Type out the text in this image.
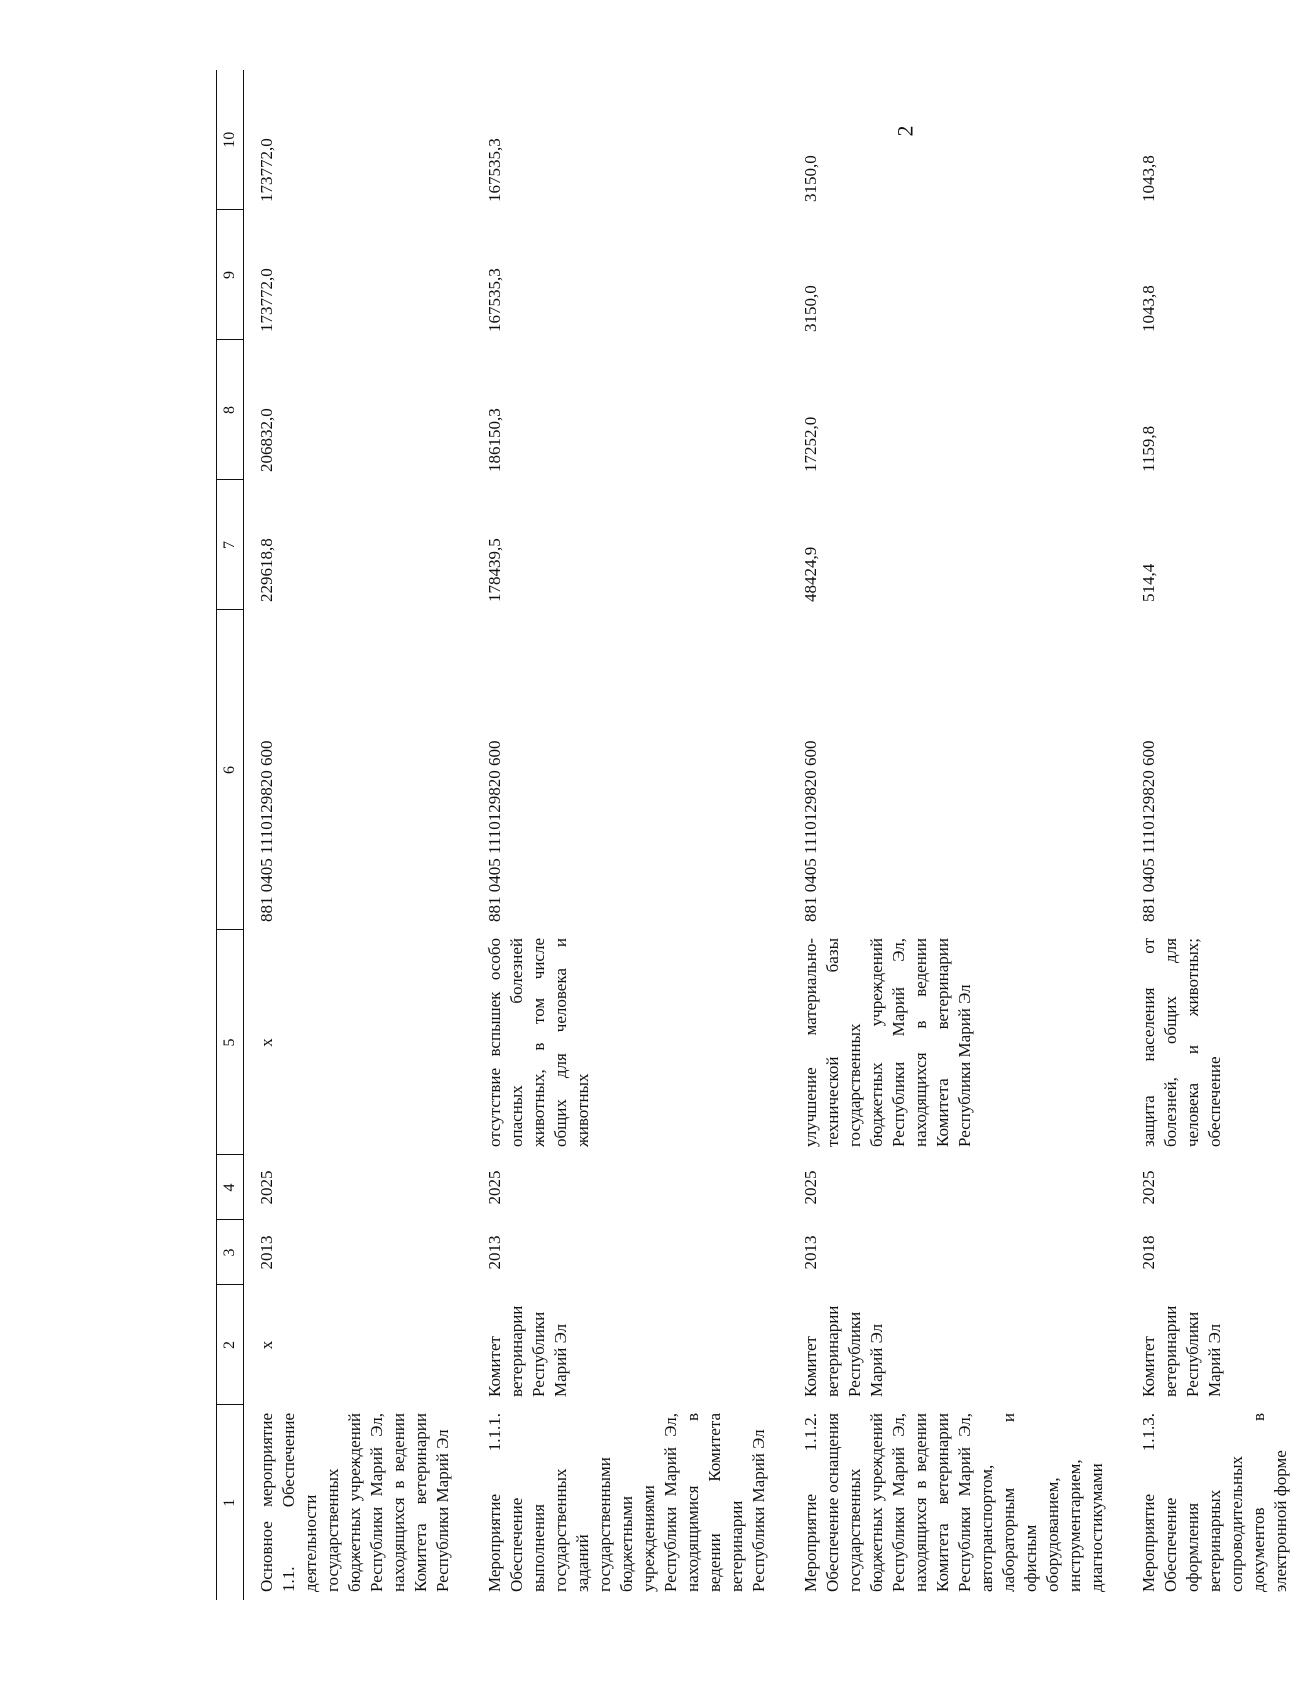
2
1	2	3	4	5	6	7	8	9	10
Основное мероприятие 1.1. Обеспечение деятельности государственных бюджетных учреждений Республики Марий Эл, находящихся в ведении Комитета ветеринарии Республики Марий Эл	х	2013	2025	х	881 0405 1110129820 600	229618,8	206832,0	173772,0	173772,0
Мероприятие 1.1.1. Обеспечение выполнения государственных заданий государственными бюджетными учреждениями Республики Марий Эл, находящимися в ведении Комитета ветеринарии Республики Марий Эл	Комитет ветеринарии Республики Марий Эл	2013	2025	отсутствие вспышек особо опасных болезней животных, в том числе общих для человека и животных	881 0405 1110129820 600	178439,5	186150,3	167535,3	167535,3
Мероприятие 1.1.2. Обеспечение оснащения государственных бюджетных учреждений Республики Марий Эл, находящихся в ведении Комитета ветеринарии Республики Марий Эл, автотранспортом, лабораторным и офисным оборудованием, инструментарием, диагностикумами	Комитет ветеринарии Республики Марий Эл	2013	2025	улучшение материально-технической базы государственных бюджетных учреждений Республики Марий Эл, находящихся в ведении Комитета ветеринарии Республики Марий Эл	881 0405 1110129820 600	48424,9	17252,0	3150,0	3150,0
Мероприятие 1.1.3. Обеспечение оформления ветеринарных сопроводительных документов в электронной форме	Комитет ветеринарии Республики Марий Эл	2018	2025	защита населения от болезней, общих для человека и животных; обеспечение	881 0405 1110129820 600	514,4	1159,8	1043,8	1043,8
